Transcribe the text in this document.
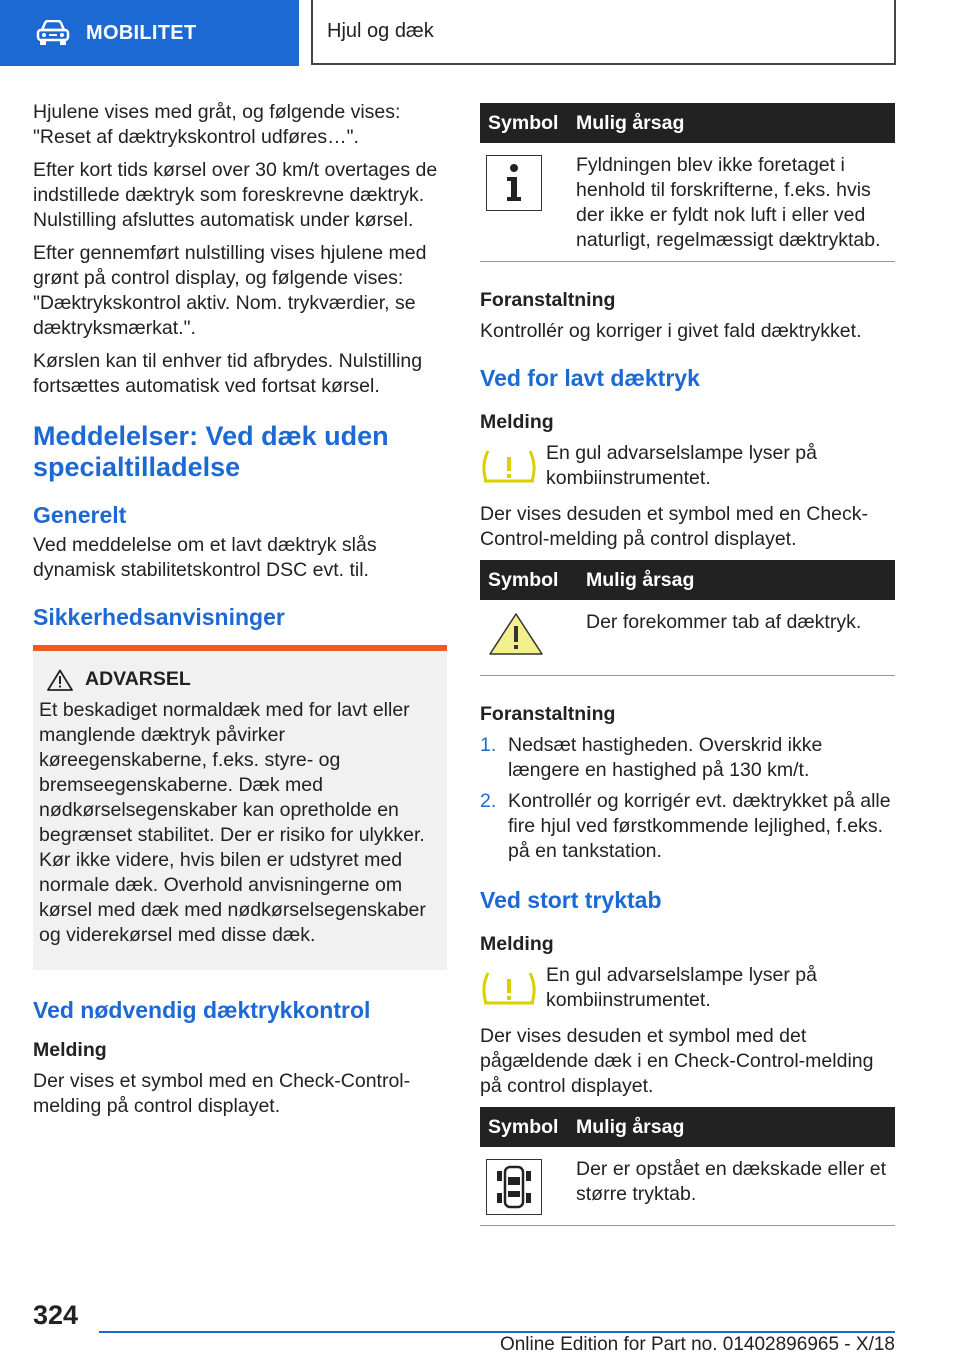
MOBILITET	Hjul og dæk
Hjulene vises med gråt, og følgende vises: "Reset af dæktrykskontrol udføres…".
Efter kort tids kørsel over 30 km/t overtages de indstillede dæktryk som foreskrevne dæktryk. Nulstilling afsluttes automatisk under kørsel.
Efter gennemført nulstilling vises hjulene med grønt på control display, og følgende vises: "Dæktrykskontrol aktiv. Nom. trykværdier, se dæktryksmærkat.".
Kørslen kan til enhver tid afbrydes. Nulstilling fortsættes automatisk ved fortsat kørsel.
Meddelelser: Ved dæk uden specialtilladelse
Generelt
Ved meddelelse om et lavt dæktryk slås dynamisk stabilitetskontrol DSC evt. til.
Sikkerhedsanvisninger
ADVARSEL
Et beskadiget normaldæk med for lavt eller manglende dæktryk påvirker køreegenskaberne, f.eks. styre- og bremseegenskaberne. Dæk med nødkørselsegenskaber kan opretholde en begrænset stabilitet. Der er risiko for ulykker. Kør ikke videre, hvis bilen er udstyret med normale dæk. Overhold anvisningerne om kørsel med dæk med nødkørselsegenskaber og viderekørsel med disse dæk.
Ved nødvendig dæktrykkontrol
Melding
Der vises et symbol med en Check-Control-melding på control displayet.
Symbol	Mulig årsag

	Fyldningen blev ikke foretaget i henhold til forskrifterne, f.eks. hvis der ikke er fyldt nok luft i eller ved naturligt, regelmæssigt dæktryktab.
Foranstaltning
Kontrollér og korriger i givet fald dæktrykket.
Ved for lavt dæktryk
Melding
En gul advarselslampe lyser på kombiinstrumentet.
Der vises desuden et symbol med en Check-Control-melding på control displayet.
Symbol	Mulig årsag
	Der forekommer tab af dæktryk.
Foranstaltning
1. Nedsæt hastigheden. Overskrid ikke længere en hastighed på 130 km/t.
2. Kontrollér og korrigér evt. dæktrykket på alle fire hjul ved førstkommende lejlighed, f.eks. på en tankstation.
Ved stort tryktab
Melding
En gul advarselslampe lyser på kombiinstrumentet.
Der vises desuden et symbol med det pågældende dæk i en Check-Control-melding på control displayet.
Symbol	Mulig årsag

	Der er opstået en dækskade eller et større tryktab.
324
Online Edition for Part no. 01402896965 - X/18
